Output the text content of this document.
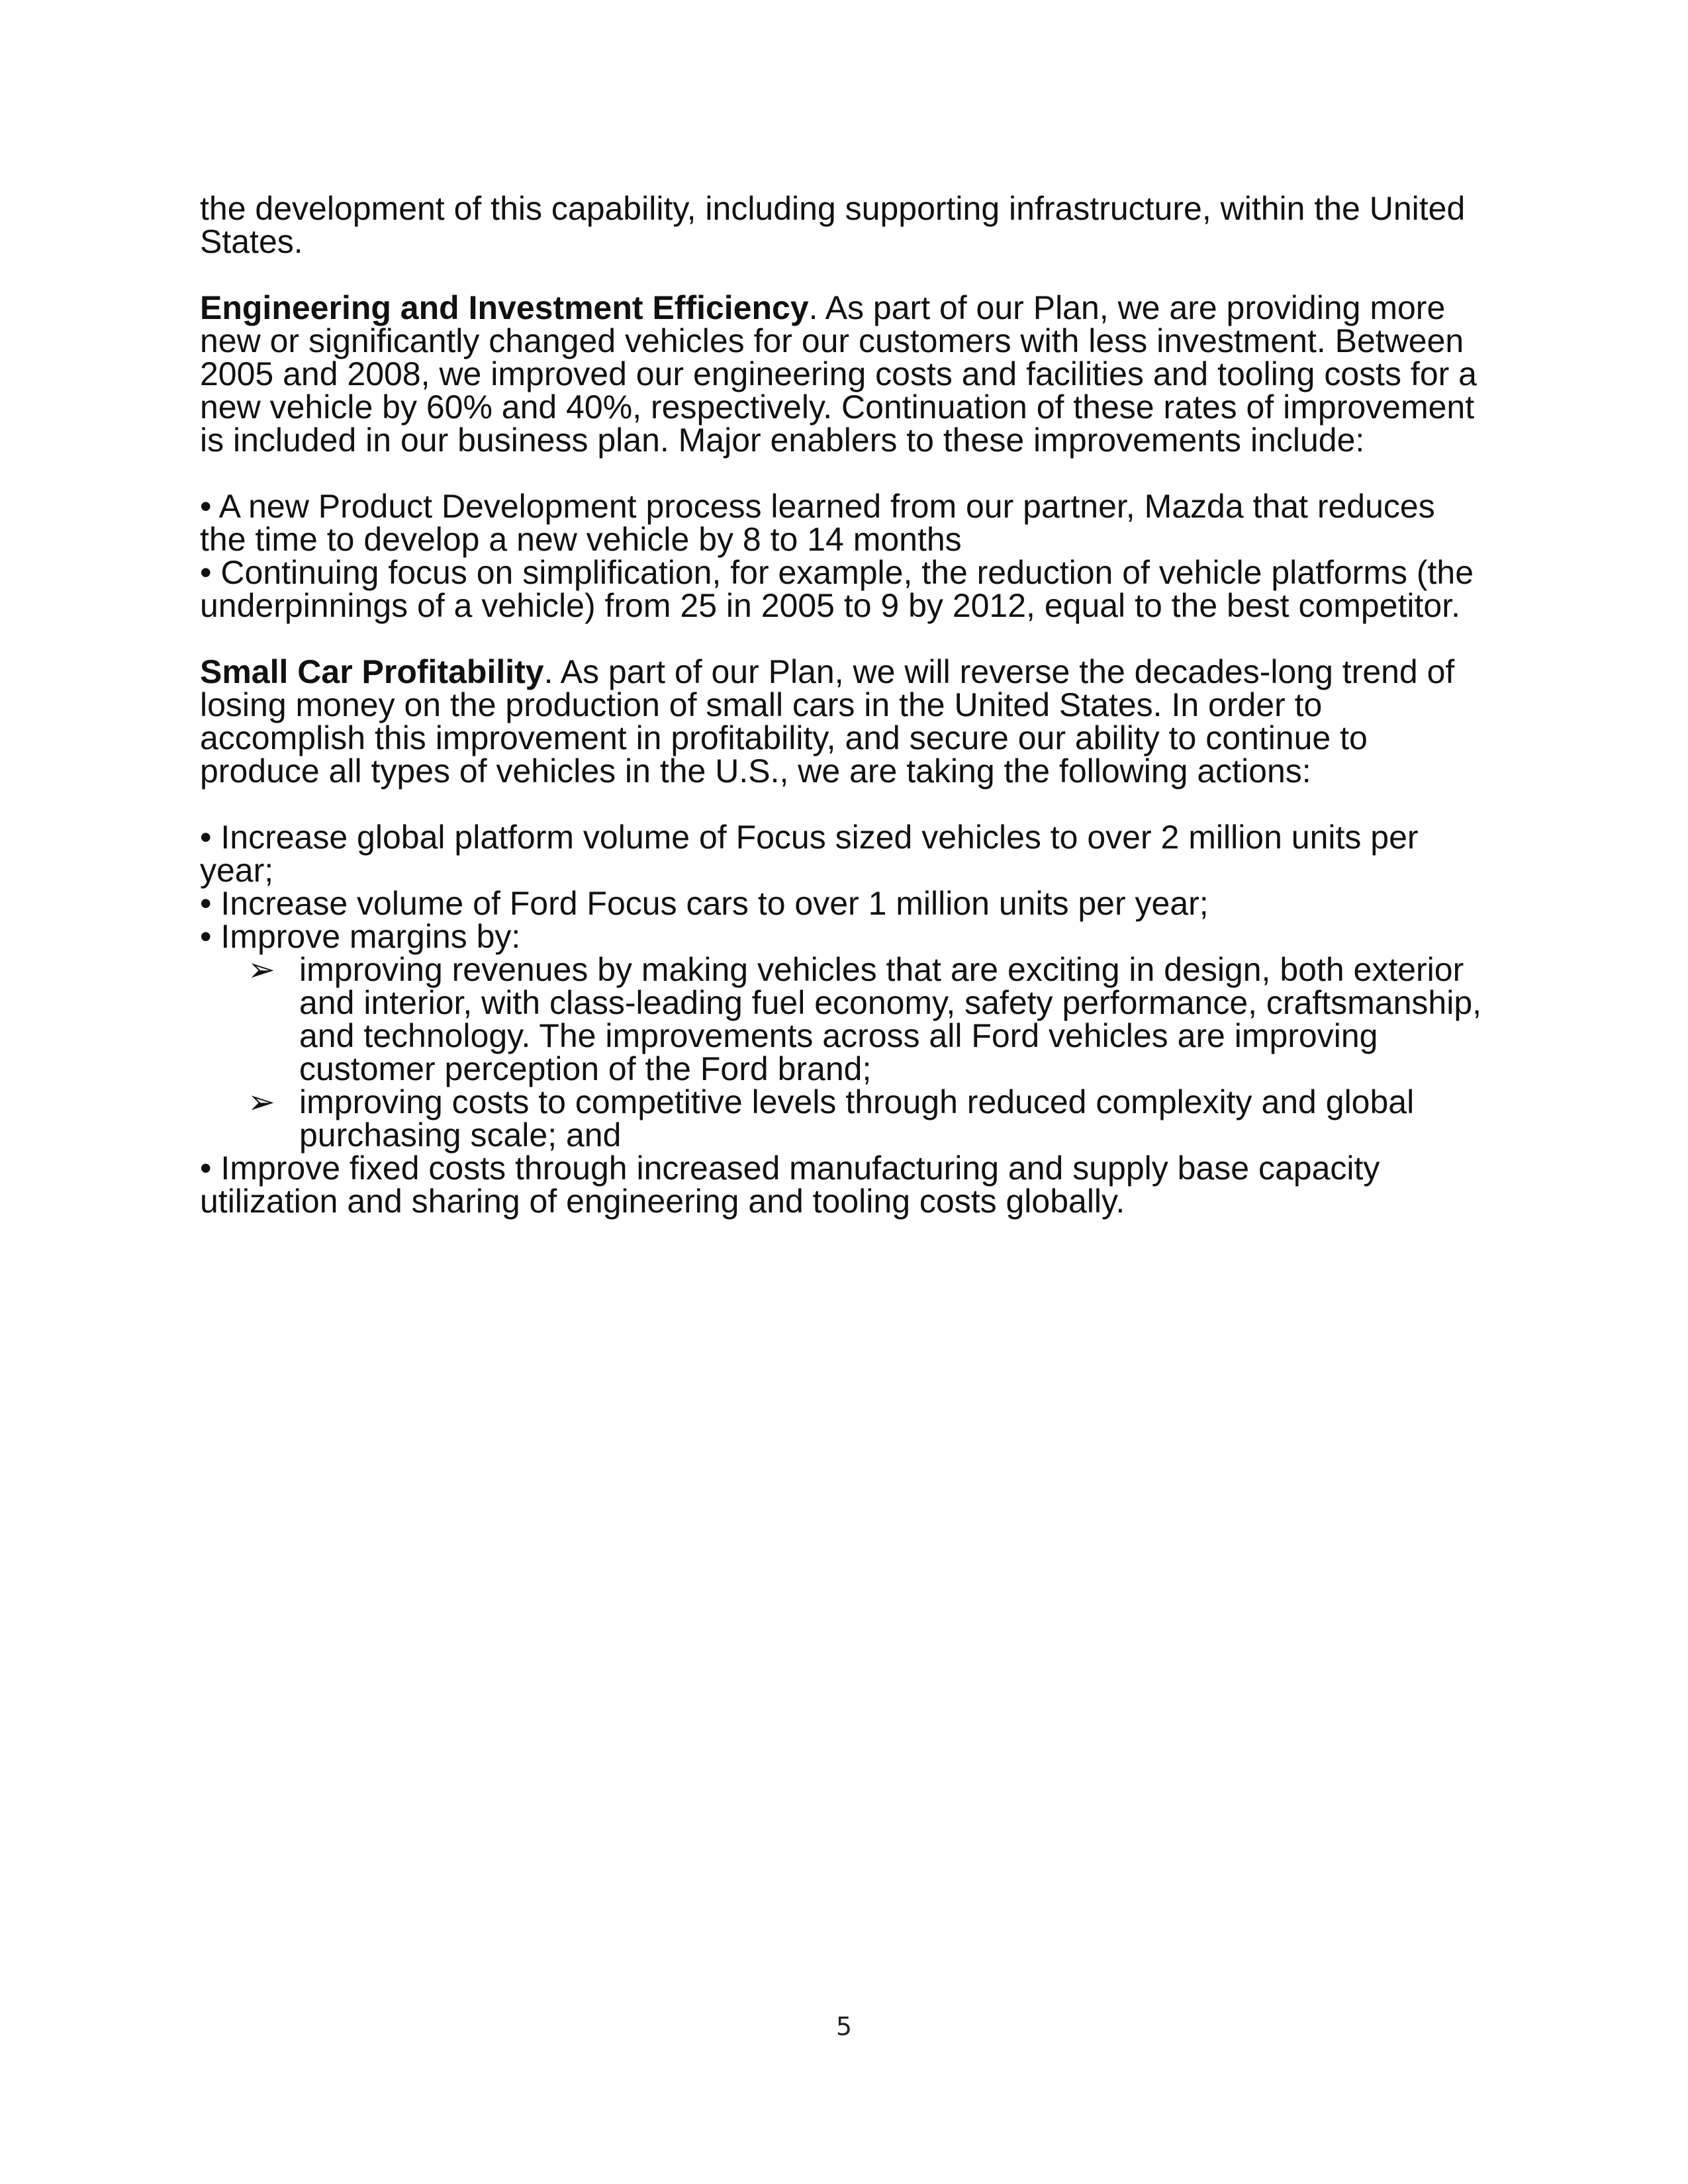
the development of this capability, including supporting infrastructure, within the United
States.
Engineering and Investment Efficiency. As part of our Plan, we are providing more
new or significantly changed vehicles for our customers with less investment. Between
2005 and 2008, we improved our engineering costs and facilities and tooling costs for a
new vehicle by 60% and 40%, respectively. Continuation of these rates of improvement
is included in our business plan. Major enablers to these improvements include:
• A new Product Development process learned from our partner, Mazda that reduces
the time to develop a new vehicle by 8 to 14 months
• Continuing focus on simplification, for example, the reduction of vehicle platforms (the
underpinnings of a vehicle) from 25 in 2005 to 9 by 2012, equal to the best competitor.
Small Car Profitability. As part of our Plan, we will reverse the decades-long trend of
losing money on the production of small cars in the United States. In order to
accomplish this improvement in profitability, and secure our ability to continue to
produce all types of vehicles in the U.S., we are taking the following actions:
• Increase global platform volume of Focus sized vehicles to over 2 million units per
year;
• Increase volume of Ford Focus cars to over 1 million units per year;
• Improve margins by:
➢ improving revenues by making vehicles that are exciting in design, both exterior
and interior, with class-leading fuel economy, safety performance, craftsmanship,
and technology. The improvements across all Ford vehicles are improving
customer perception of the Ford brand;
➢ improving costs to competitive levels through reduced complexity and global
purchasing scale; and
• Improve fixed costs through increased manufacturing and supply base capacity
utilization and sharing of engineering and tooling costs globally.
5
